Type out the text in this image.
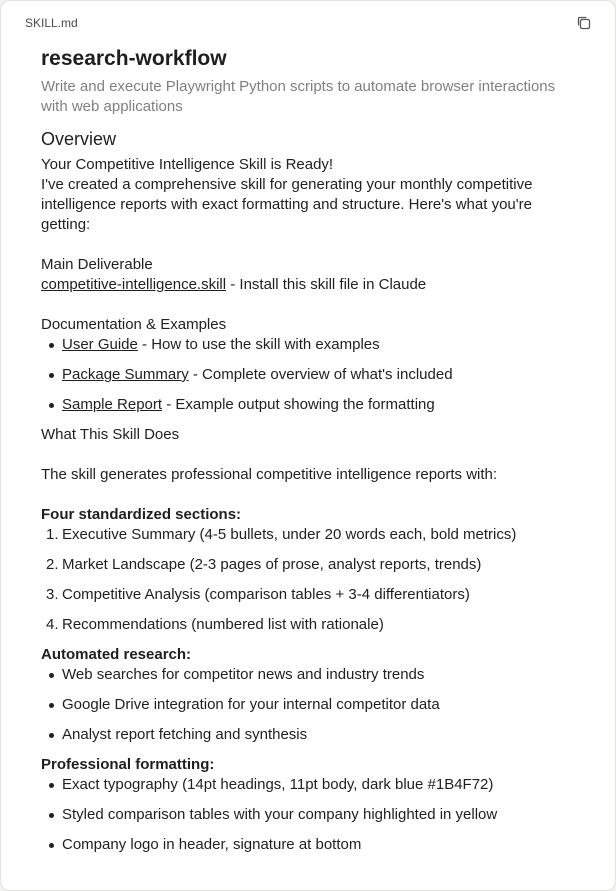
SKILL.md
research-workflow
Write and execute Playwright Python scripts to automate browser interactions with web applications
Overview
Your Competitive Intelligence Skill is Ready!
I've created a comprehensive skill for generating your monthly competitive intelligence reports with exact formatting and structure. Here's what you're getting:
Main Deliverable
competitive-intelligence.skill - Install this skill file in Claude
Documentation & Examples
User Guide - How to use the skill with examples
Package Summary - Complete overview of what's included
Sample Report - Example output showing the formatting
What This Skill Does
The skill generates professional competitive intelligence reports with:
Four standardized sections:
1. Executive Summary (4-5 bullets, under 20 words each, bold metrics)
2. Market Landscape (2-3 pages of prose, analyst reports, trends)
3. Competitive Analysis (comparison tables + 3-4 differentiators)
4. Recommendations (numbered list with rationale)
Automated research:
Web searches for competitor news and industry trends
Google Drive integration for your internal competitor data
Analyst report fetching and synthesis
Professional formatting:
Exact typography (14pt headings, 11pt body, dark blue #1B4F72)
Styled comparison tables with your company highlighted in yellow
Company logo in header, signature at bottom
